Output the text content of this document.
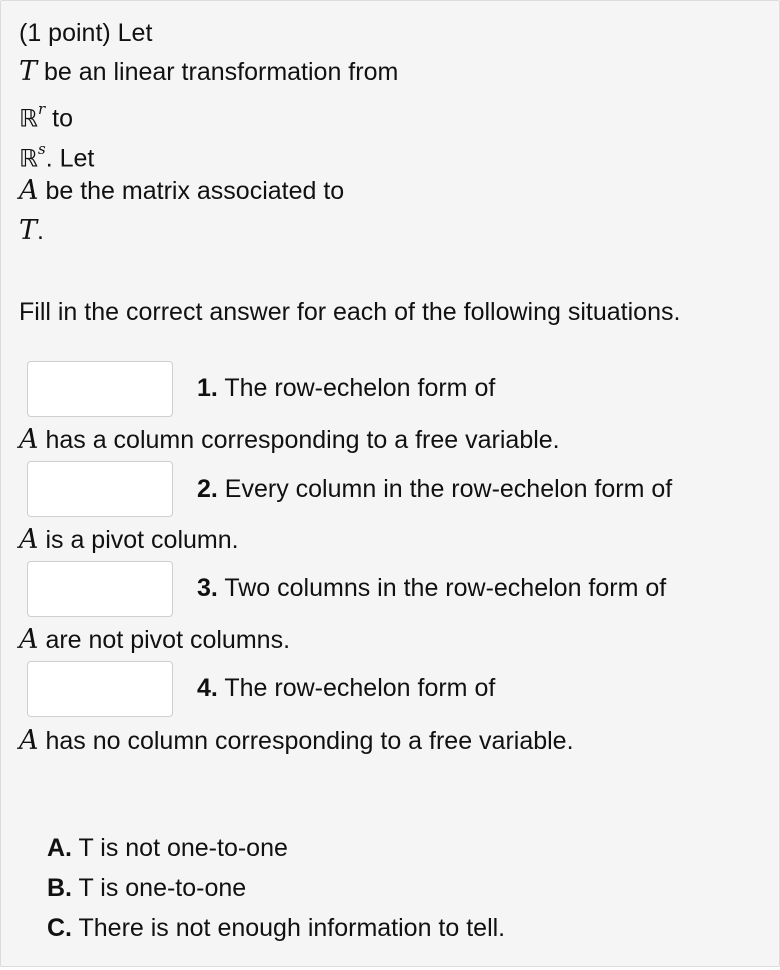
(1 point) Let
T be an linear transformation from
ℝ$^r$ to
ℝ$^s$. Let
A be the matrix associated to
T.
Fill in the correct answer for each of the following situations.
1. The row-echelon form of
A has a column corresponding to a free variable.
2. Every column in the row-echelon form of
A is a pivot column.
3. Two columns in the row-echelon form of
A are not pivot columns.
4. The row-echelon form of
A has no column corresponding to a free variable.
A. T is not one-to-one
B. T is one-to-one
C. There is not enough information to tell.
